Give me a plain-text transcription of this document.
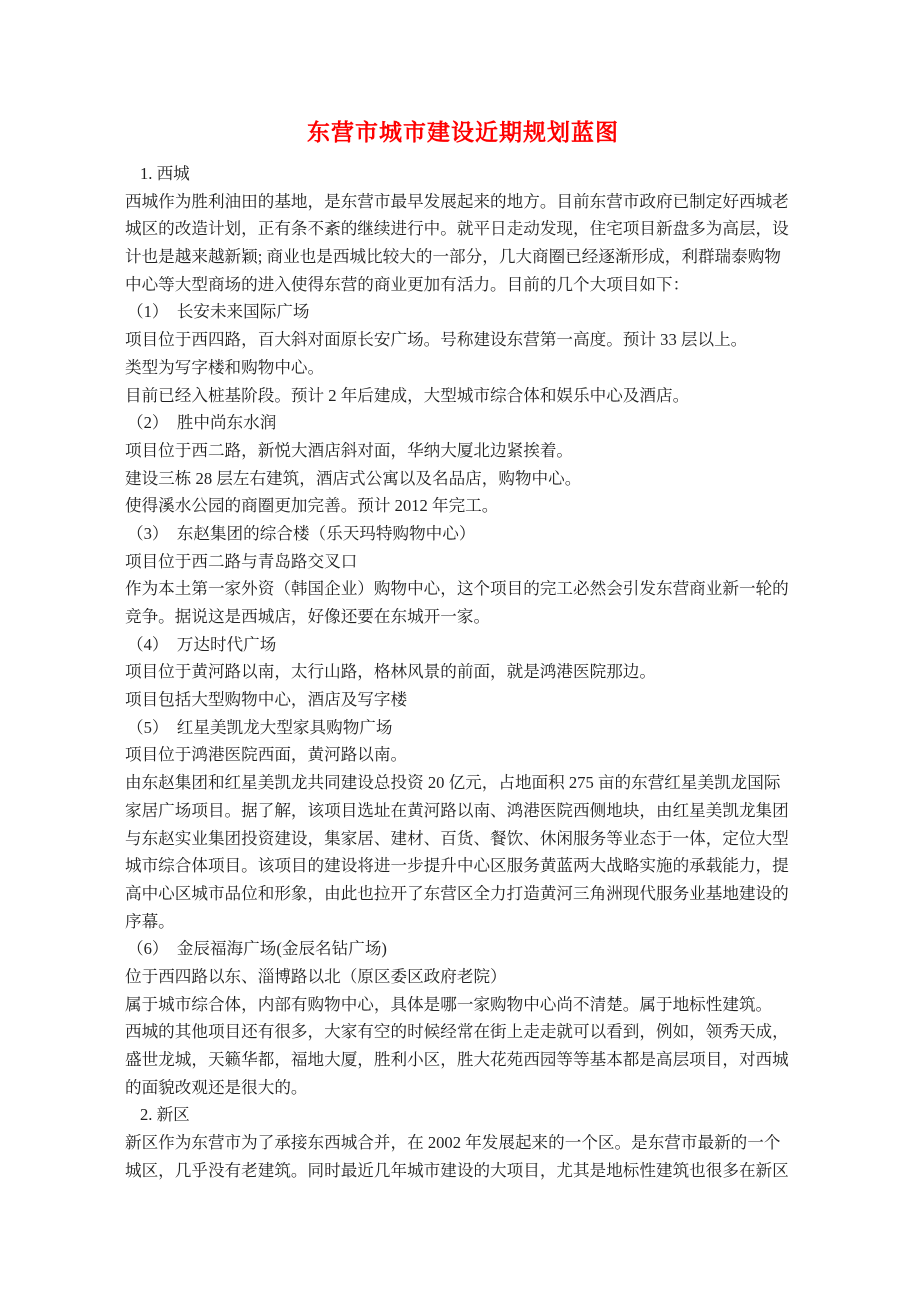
东营市城市建设近期规划蓝图
1. 西城
西城作为胜利油田的基地，是东营市最早发展起来的地方。目前东营市政府已制定好西城老
城区的改造计划，正有条不紊的继续进行中。就平日走动发现，住宅项目新盘多为高层，设
计也是越来越新颖; 商业也是西城比较大的一部分，几大商圈已经逐渐形成，利群瑞泰购物
中心等大型商场的进入使得东营的商业更加有活力。目前的几个大项目如下：
（1）　长安未来国际广场
项目位于西四路，百大斜对面原长安广场。号称建设东营第一高度。预计 33 层以上。
类型为写字楼和购物中心。
目前已经入桩基阶段。预计 2 年后建成，大型城市综合体和娱乐中心及酒店。
（2）　胜中尚东水润
项目位于西二路，新悦大酒店斜对面，华纳大厦北边紧挨着。
建设三栋 28 层左右建筑，酒店式公寓以及名品店，购物中心。
使得溪水公园的商圈更加完善。预计 2012 年完工。
（3）　东赵集团的综合楼（乐天玛特购物中心）
项目位于西二路与青岛路交叉口
作为本土第一家外资（韩国企业）购物中心，这个项目的完工必然会引发东营商业新一轮的
竞争。据说这是西城店，好像还要在东城开一家。
（4）　万达时代广场
项目位于黄河路以南，太行山路，格林风景的前面，就是鸿港医院那边。
项目包括大型购物中心，酒店及写字楼
（5）　红星美凯龙大型家具购物广场
项目位于鸿港医院西面，黄河路以南。
由东赵集团和红星美凯龙共同建设总投资 20 亿元，占地面积 275 亩的东营红星美凯龙国际
家居广场项目。据了解，该项目选址在黄河路以南、鸿港医院西侧地块，由红星美凯龙集团
与东赵实业集团投资建设，集家居、建材、百货、餐饮、休闲服务等业态于一体，定位大型
城市综合体项目。该项目的建设将进一步提升中心区服务黄蓝两大战略实施的承载能力，提
高中心区城市品位和形象，由此也拉开了东营区全力打造黄河三角洲现代服务业基地建设的
序幕。
（6）　金辰福海广场(金辰名钻广场)
位于西四路以东、淄博路以北（原区委区政府老院）
属于城市综合体，内部有购物中心，具体是哪一家购物中心尚不清楚。属于地标性建筑。
西城的其他项目还有很多，大家有空的时候经常在街上走走就可以看到，例如，领秀天成，
盛世龙城，天籁华都，福地大厦，胜利小区，胜大花苑西园等等基本都是高层项目，对西城
的面貌改观还是很大的。
2. 新区
新区作为东营市为了承接东西城合并，在 2002 年发展起来的一个区。是东营市最新的一个
城区，几乎没有老建筑。同时最近几年城市建设的大项目，尤其是地标性建筑也很多在新区
